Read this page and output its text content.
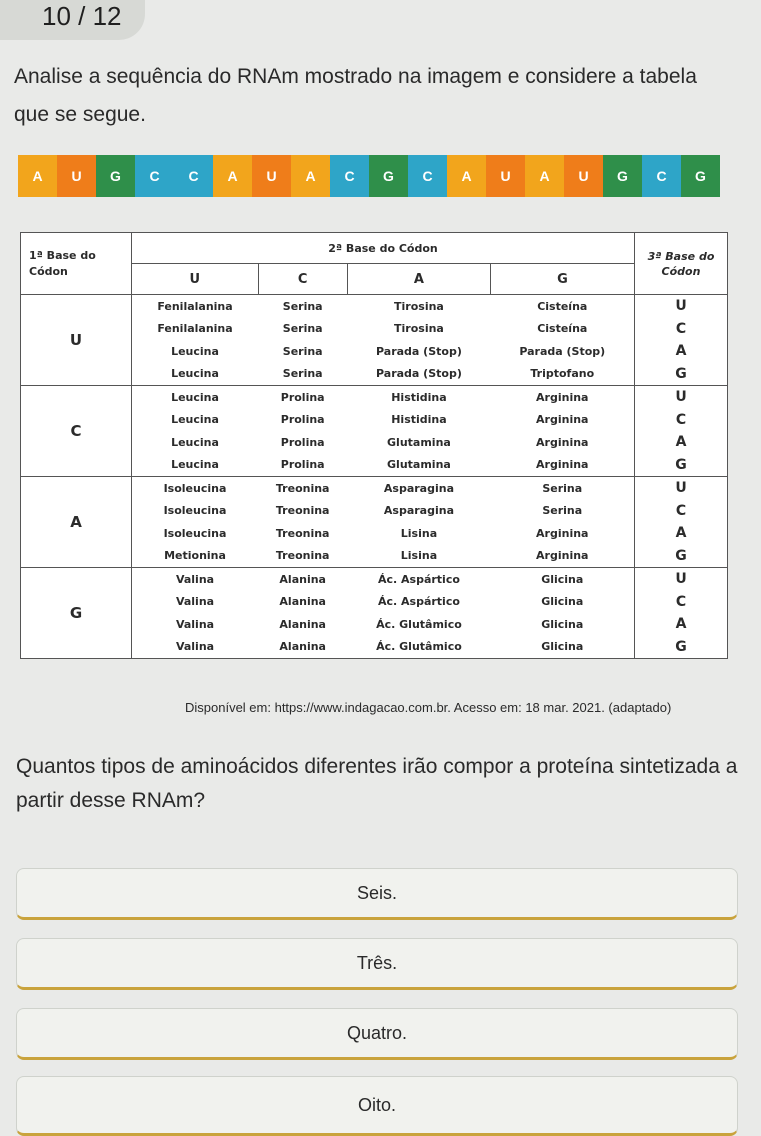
10 / 12
Analise a sequência do RNAm mostrado na imagem e considere a tabela que se segue.
A	U	G	C	C	A	U	A	C	G	C	A	U	A	U	G	C	G
1ª Base do Códon	2ª Base do Códon				3ª Base do Códon
	U	C	A	G	
U	Fenilalanina	Serina	Tirosina	Cisteína	U
	Fenilalanina	Serina	Tirosina	Cisteína	C
	Leucina	Serina	Parada (Stop)	Parada (Stop)	A
	Leucina	Serina	Parada (Stop)	Triptofano	G
C	Leucina	Prolina	Histidina	Arginina	U
	Leucina	Prolina	Histidina	Arginina	C
	Leucina	Prolina	Glutamina	Arginina	A
	Leucina	Prolina	Glutamina	Arginina	G
A	Isoleucina	Treonina	Asparagina	Serina	U
	Isoleucina	Treonina	Asparagina	Serina	C
	Isoleucina	Treonina	Lisina	Arginina	A
	Metionina	Treonina	Lisina	Arginina	G
G	Valina	Alanina	Ác. Aspártico	Glicina	U
	Valina	Alanina	Ác. Aspártico	Glicina	C
	Valina	Alanina	Ác. Glutâmico	Glicina	A
	Valina	Alanina	Ác. Glutâmico	Glicina	G
Disponível em: https://www.indagacao.com.br. Acesso em: 18 mar. 2021. (adaptado)
Quantos tipos de aminoácidos diferentes irão compor a proteína sintetizada a partir desse RNAm?
Seis.
Três.
Quatro.
Oito.
